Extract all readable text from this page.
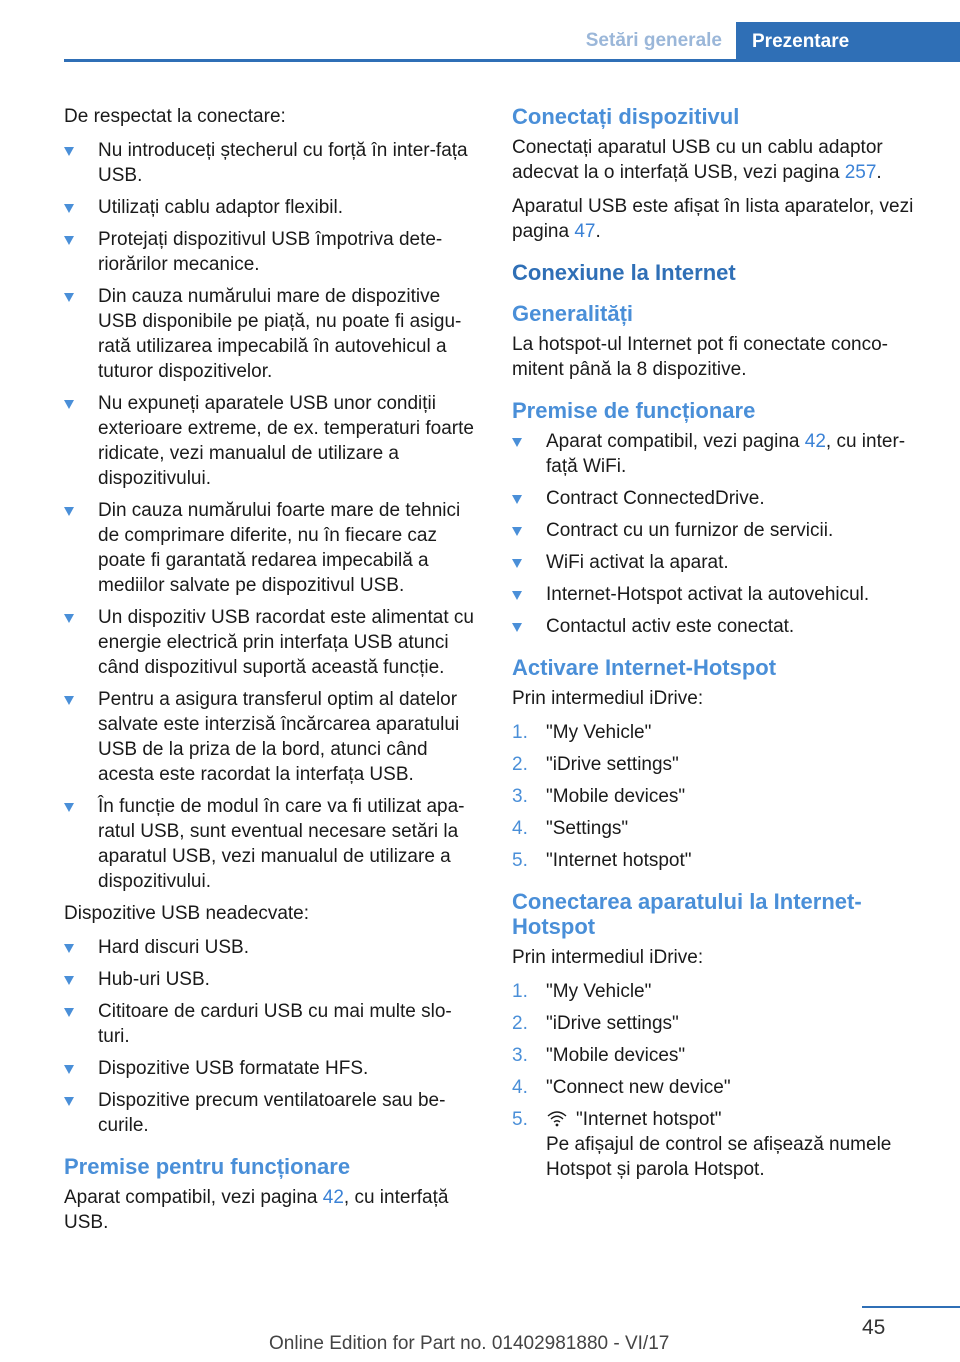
Setări generale	Prezentare

De respectat la conectare:

Nu introduceți ștecherul cu forță în inter‐fața USB.
Utilizați cablu adaptor flexibil.
Protejați dispozitivul USB împotriva dete‐riorărilor mecanice.
Din cauza numărului mare de dispozitive USB disponibile pe piață, nu poate fi asigu‐rată utilizarea impecabilă în autovehicul a tuturor dispozitivelor.
Nu expuneți aparatele USB unor condiții exterioare extreme, de ex. temperaturi foarte ridicate, vezi manualul de utilizare a dispozitivului.
Din cauza numărului foarte mare de tehnici de comprimare diferite, nu în fiecare caz poate fi garantată redarea impecabilă a mediilor salvate pe dispozitivul USB.
Un dispozitiv USB racordat este alimentat cu energie electrică prin interfața USB atunci când dispozitivul suportă această funcție.
Pentru a asigura transferul optim al datelor salvate este interzisă încărcarea aparatului USB de la priza de la bord, atunci când acesta este racordat la interfața USB.
În funcție de modul în care va fi utilizat apa‐ratul USB, sunt eventual necesare setări la aparatul USB, vezi manualul de utilizare a dispozitivului.

Dispozitive USB neadecvate:

Hard discuri USB.
Hub-uri USB.
Cititoare de carduri USB cu mai multe slo‐turi.
Dispozitive USB formatate HFS.
Dispozitive precum ventilatoarele sau be‐curile.
Premise pentru funcționare

Aparat compatibil, vezi pagina 42, cu interfață USB.

Conectați dispozitivul

Conectați aparatul USB cu un cablu adaptor adecvat la o interfață USB, vezi pagina 257.

Aparatul USB este afișat în lista aparatelor, vezi pagina 47.

Conexiune la Internet
Generalități

La hotspot-ul Internet pot fi conectate conco‐mitent până la 8 dispozitive.

Premise de funcționare
Aparat compatibil, vezi pagina 42, cu inter‐față WiFi.
Contract ConnectedDrive.
Contract cu un furnizor de servicii.
WiFi activat la aparat.
Internet-Hotspot activat la autovehicul.
Contactul activ este conectat.
Activare Internet-Hotspot

Prin intermediul iDrive:

1. "My Vehicle"
2. "iDrive settings"
3. "Mobile devices"
4. "Settings"
5. "Internet hotspot"
Conectarea aparatului la Internet-Hotspot

Prin intermediul iDrive:

1. "My Vehicle"
2. "iDrive settings"
3. "Mobile devices"
4. "Connect new device"
5.	"Internet hotspot"
Pe afișajul de control se afișează numele Hotspot și parola Hotspot.
45
Online Edition for Part no. 01402981880 - VI/17
